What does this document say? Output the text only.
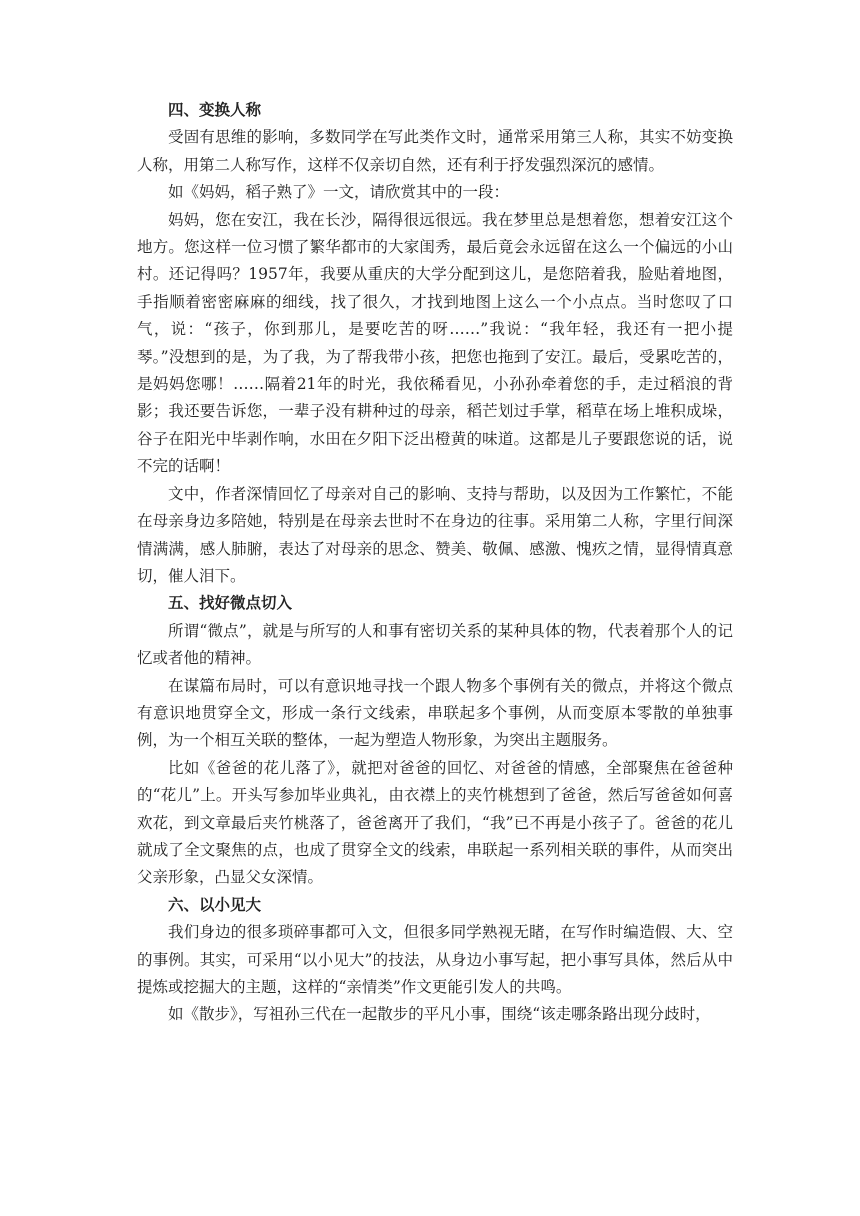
四、变换人称

受固有思维的影响，多数同学在写此类作文时，通常采用第三人称，其实不妨变换人称，用第二人称写作，这样不仅亲切自然，还有利于抒发强烈深沉的感情。

如《妈妈，稻子熟了》一文，请欣赏其中的一段：

妈妈，您在安江，我在长沙，隔得很远很远。我在梦里总是想着您，想着安江这个地方。您这样一位习惯了繁华都市的大家闺秀，最后竟会永远留在这么一个偏远的小山村。还记得吗？1957年，我要从重庆的大学分配到这儿，是您陪着我，脸贴着地图，手指顺着密密麻麻的细线，找了很久，才找到地图上这么一个小点点。当时您叹了口气，说：“孩子，你到那儿，是要吃苦的呀……”我说：“我年轻，我还有一把小提琴。”没想到的是，为了我，为了帮我带小孩，把您也拖到了安江。最后，受累吃苦的，是妈妈您哪！……隔着21年的时光，我依稀看见，小孙孙牵着您的手，走过稻浪的背影；我还要告诉您，一辈子没有耕种过的母亲，稻芒划过手掌，稻草在场上堆积成垛，谷子在阳光中毕剥作响，水田在夕阳下泛出橙黄的味道。这都是儿子要跟您说的话，说不完的话啊！

文中，作者深情回忆了母亲对自己的影响、支持与帮助，以及因为工作繁忙，不能在母亲身边多陪她，特别是在母亲去世时不在身边的往事。采用第二人称，字里行间深情满满，感人肺腑，表达了对母亲的思念、赞美、敬佩、感激、愧疚之情，显得情真意切，催人泪下。

五、找好微点切入

所谓“微点”，就是与所写的人和事有密切关系的某种具体的物，代表着那个人的记忆或者他的精神。

在谋篇布局时，可以有意识地寻找一个跟人物多个事例有关的微点，并将这个微点有意识地贯穿全文，形成一条行文线索，串联起多个事例，从而变原本零散的单独事例，为一个相互关联的整体，一起为塑造人物形象，为突出主题服务。

比如《爸爸的花儿落了》，就把对爸爸的回忆、对爸爸的情感，全部聚焦在爸爸种的“花儿”上。开头写参加毕业典礼，由衣襟上的夹竹桃想到了爸爸，然后写爸爸如何喜欢花，到文章最后夹竹桃落了，爸爸离开了我们，“我”已不再是小孩子了。爸爸的花儿就成了全文聚焦的点，也成了贯穿全文的线索，串联起一系列相关联的事件，从而突出父亲形象，凸显父女深情。

六、以小见大

我们身边的很多琐碎事都可入文，但很多同学熟视无睹，在写作时编造假、大、空的事例。其实，可采用“以小见大”的技法，从身边小事写起，把小事写具体，然后从中提炼或挖掘大的主题，这样的“亲情类”作文更能引发人的共鸣。

如《散步》，写祖孙三代在一起散步的平凡小事，围绕“该走哪条路出现分歧时，
